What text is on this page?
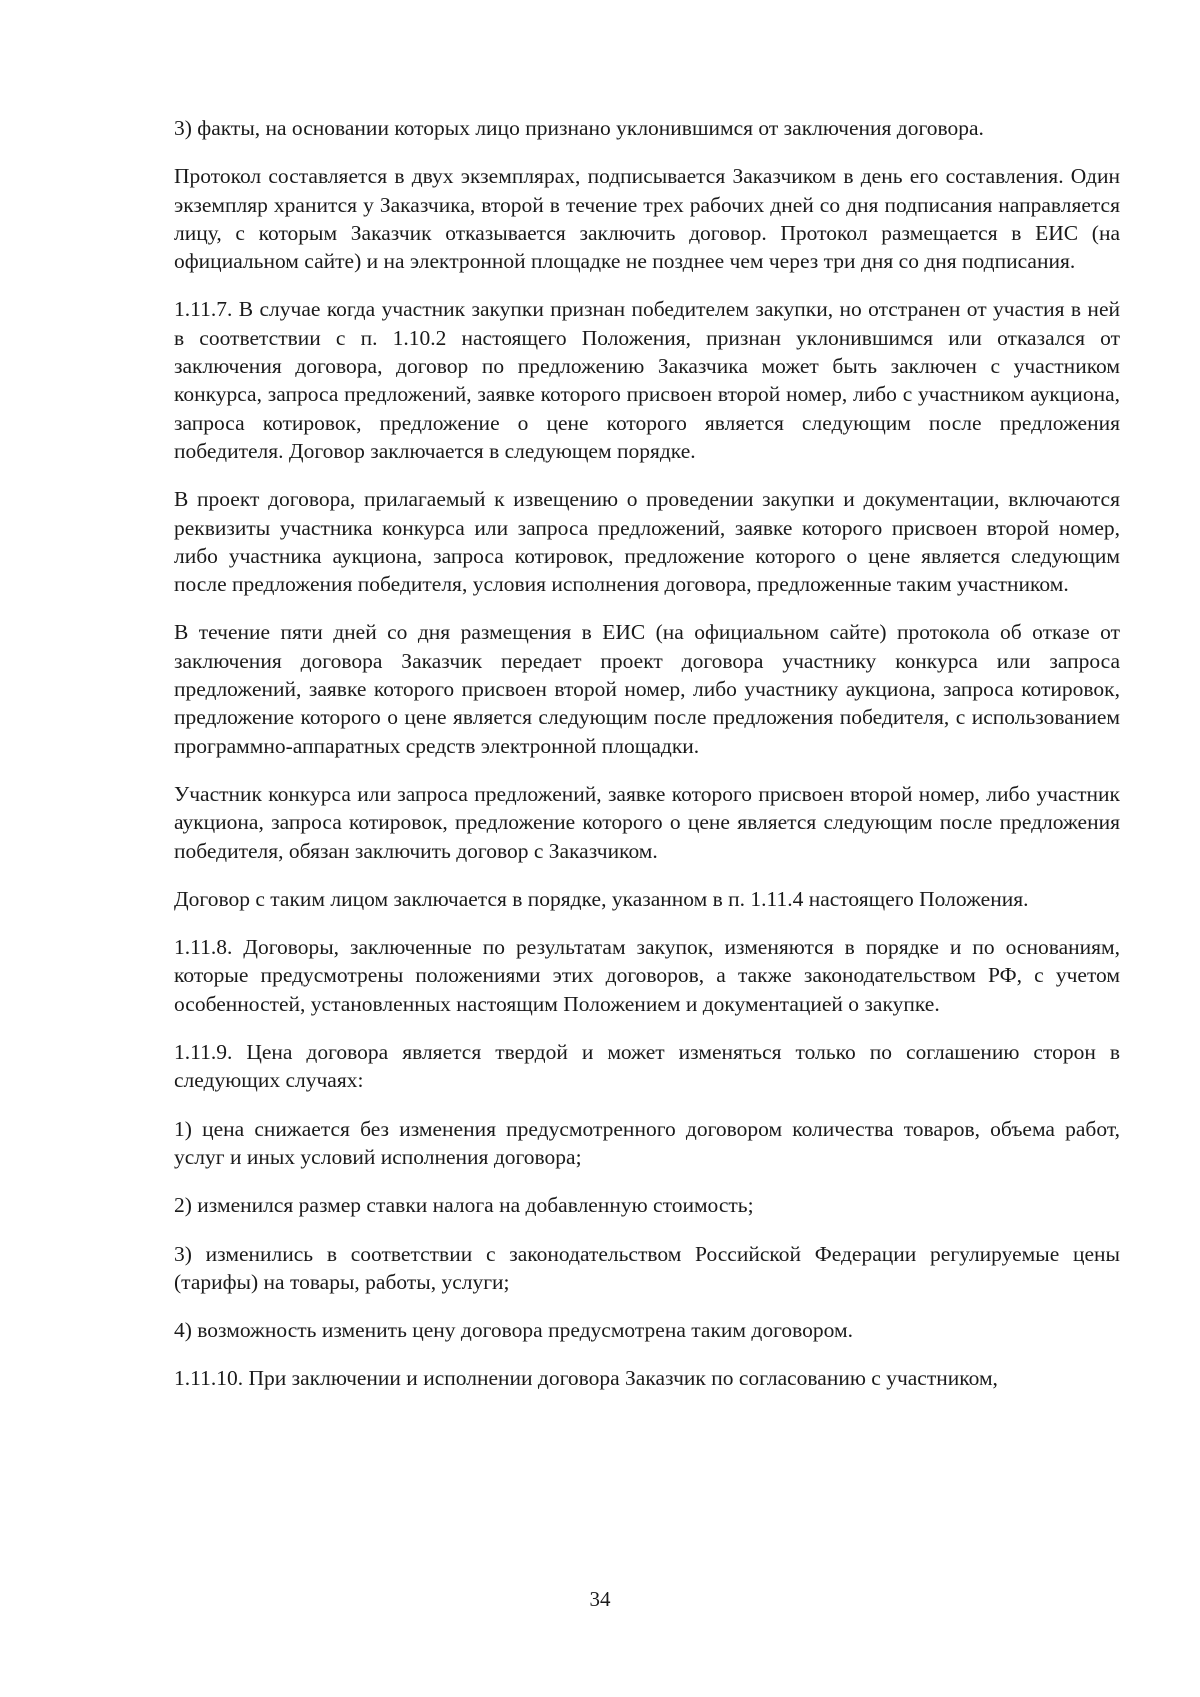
3) факты, на основании которых лицо признано уклонившимся от заключения договора.

Протокол составляется в двух экземплярах, подписывается Заказчиком в день его составления. Один экземпляр хранится у Заказчика, второй в течение трех рабочих дней со дня подписания направляется лицу, с которым Заказчик отказывается заключить договор. Протокол размещается в ЕИС (на официальном сайте) и на электронной площадке не позднее чем через три дня со дня подписания.

1.11.7. В случае когда участник закупки признан победителем закупки, но отстранен от участия в ней в соответствии с п. 1.10.2 настоящего Положения, признан уклонившимся или отказался от заключения договора, договор по предложению Заказчика может быть заключен с участником конкурса, запроса предложений, заявке которого присвоен второй номер, либо с участником аукциона, запроса котировок, предложение о цене которого является следующим после предложения победителя. Договор заключается в следующем порядке.

В проект договора, прилагаемый к извещению о проведении закупки и документации, включаются реквизиты участника конкурса или запроса предложений, заявке которого присвоен второй номер, либо участника аукциона, запроса котировок, предложение которого о цене является следующим после предложения победителя, условия исполнения договора, предложенные таким участником.

В течение пяти дней со дня размещения в ЕИС (на официальном сайте) протокола об отказе от заключения договора Заказчик передает проект договора участнику конкурса или запроса предложений, заявке которого присвоен второй номер, либо участнику аукциона, запроса котировок, предложение которого о цене является следующим после предложения победителя, с использованием программно-аппаратных средств электронной площадки.

Участник конкурса или запроса предложений, заявке которого присвоен второй номер, либо участник аукциона, запроса котировок, предложение которого о цене является следующим после предложения победителя, обязан заключить договор с Заказчиком.

Договор с таким лицом заключается в порядке, указанном в п. 1.11.4 настоящего Положения.

1.11.8. Договоры, заключенные по результатам закупок, изменяются в порядке и по основаниям, которые предусмотрены положениями этих договоров, а также законодательством РФ, с учетом особенностей, установленных настоящим Положением и документацией о закупке.

1.11.9. Цена договора является твердой и может изменяться только по соглашению сторон в следующих случаях:

1) цена снижается без изменения предусмотренного договором количества товаров, объема работ, услуг и иных условий исполнения договора;

2) изменился размер ставки налога на добавленную стоимость;

3) изменились в соответствии с законодательством Российской Федерации регулируемые цены (тарифы) на товары, работы, услуги;

4) возможность изменить цену договора предусмотрена таким договором.

1.11.10. При заключении и исполнении договора Заказчик по согласованию с участником,

34
